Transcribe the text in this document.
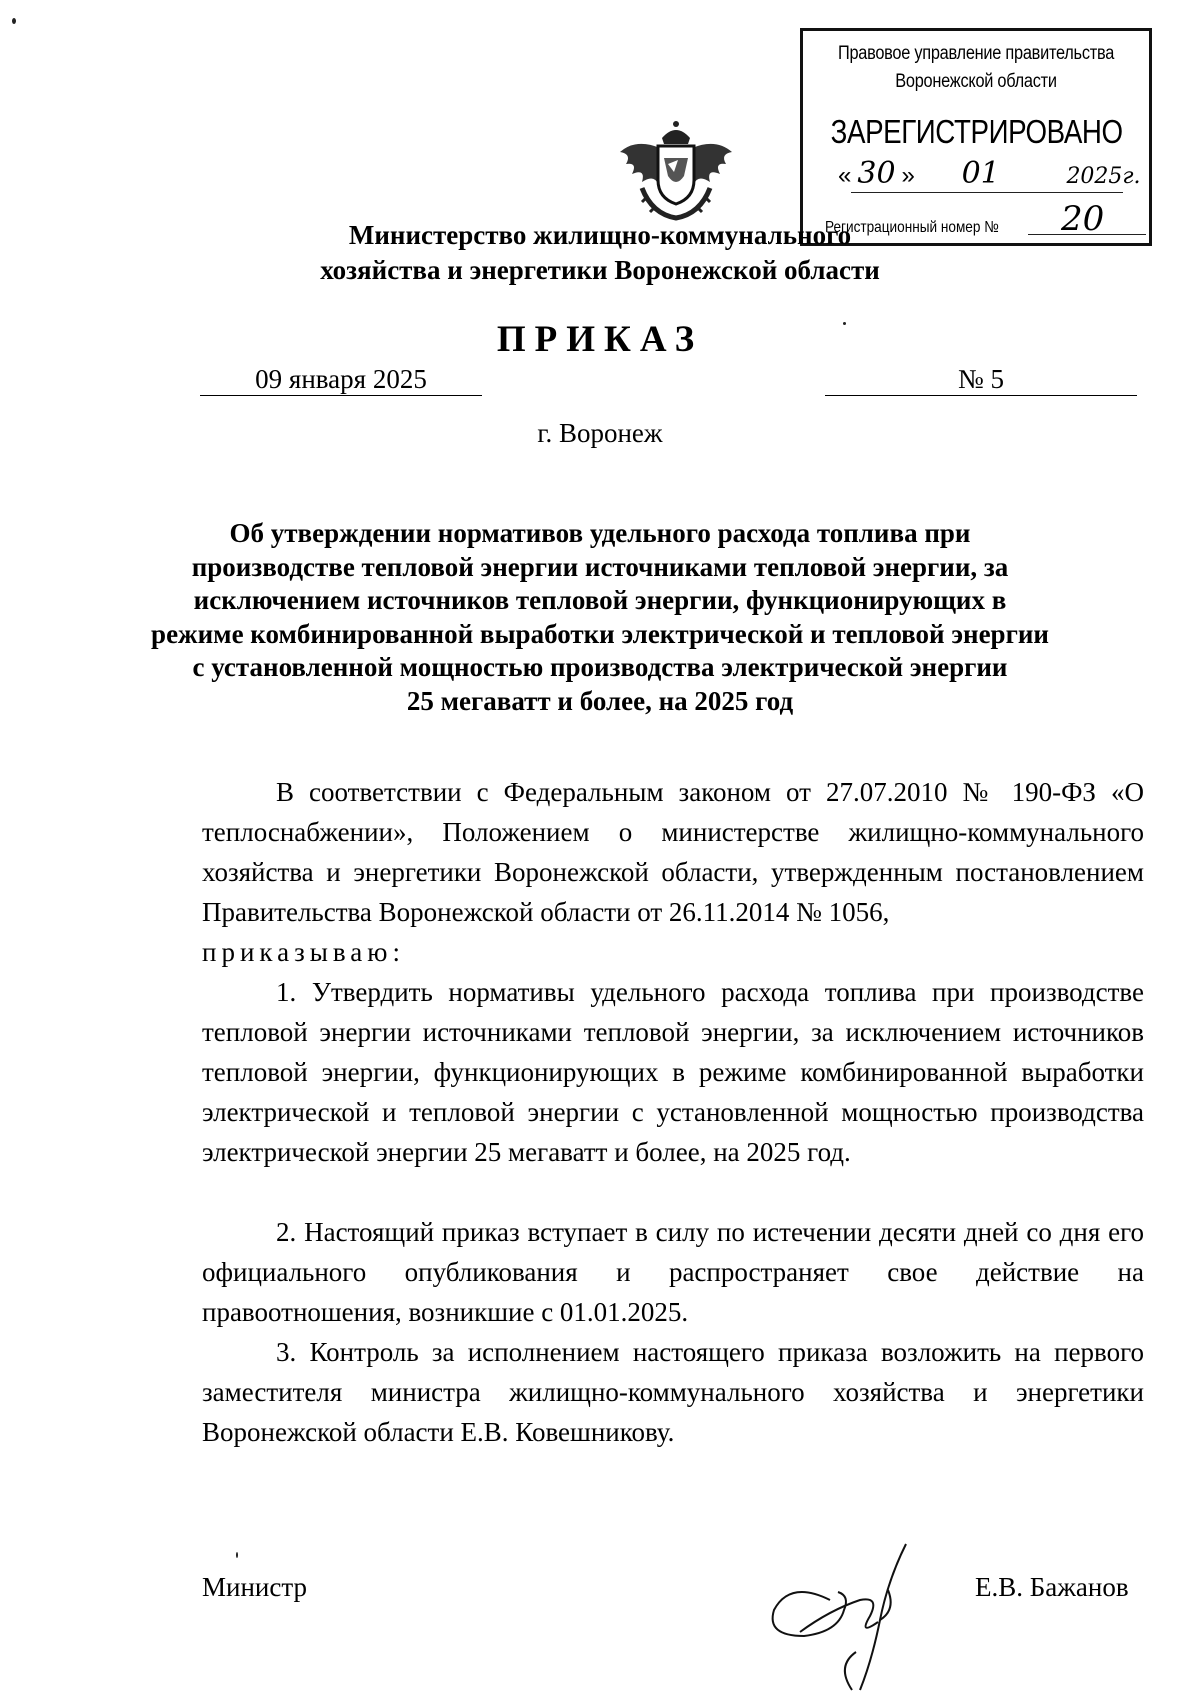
Правовое управление правительства
Воронежской области
ЗАРЕГИСТРИРОВАНО
« 30 » 01	2025г.
Регистрационный номер № 20
Министерство жилищно-коммунального
хозяйства и энергетики Воронежской области
ПРИКАЗ
09 января 2025	№ 5
г. Воронеж
Об утверждении нормативов удельного расхода топлива при
производстве тепловой энергии источниками тепловой энергии, за
исключением источников тепловой энергии, функционирующих в
режиме комбинированной выработки электрической и тепловой энергии
с установленной мощностью производства электрической энергии
25 мегаватт и более, на 2025 год
В соответствии с Федеральным законом от 27.07.2010 № 190-ФЗ «О теплоснабжении», Положением о министерстве жилищно-коммунального хозяйства и энергетики Воронежской области, утвержденным постановлением Правительства Воронежской области от 26.11.2014 № 1056,
приказываю:
1. Утвердить нормативы удельного расхода топлива при производстве тепловой энергии источниками тепловой энергии, за исключением источников тепловой энергии, функционирующих в режиме комбинированной выработки электрической и тепловой энергии с установленной мощностью производства электрической энергии 25 мегаватт и более, на 2025 год.
2. Настоящий приказ вступает в силу по истечении десяти дней со дня его официального опубликования и распространяет свое действие на правоотношения, возникшие с 01.01.2025.
3. Контроль за исполнением настоящего приказа возложить на первого заместителя министра жилищно-коммунального хозяйства и энергетики Воронежской области Е.В. Ковешникову.
Министр	Е.В. Бажанов
